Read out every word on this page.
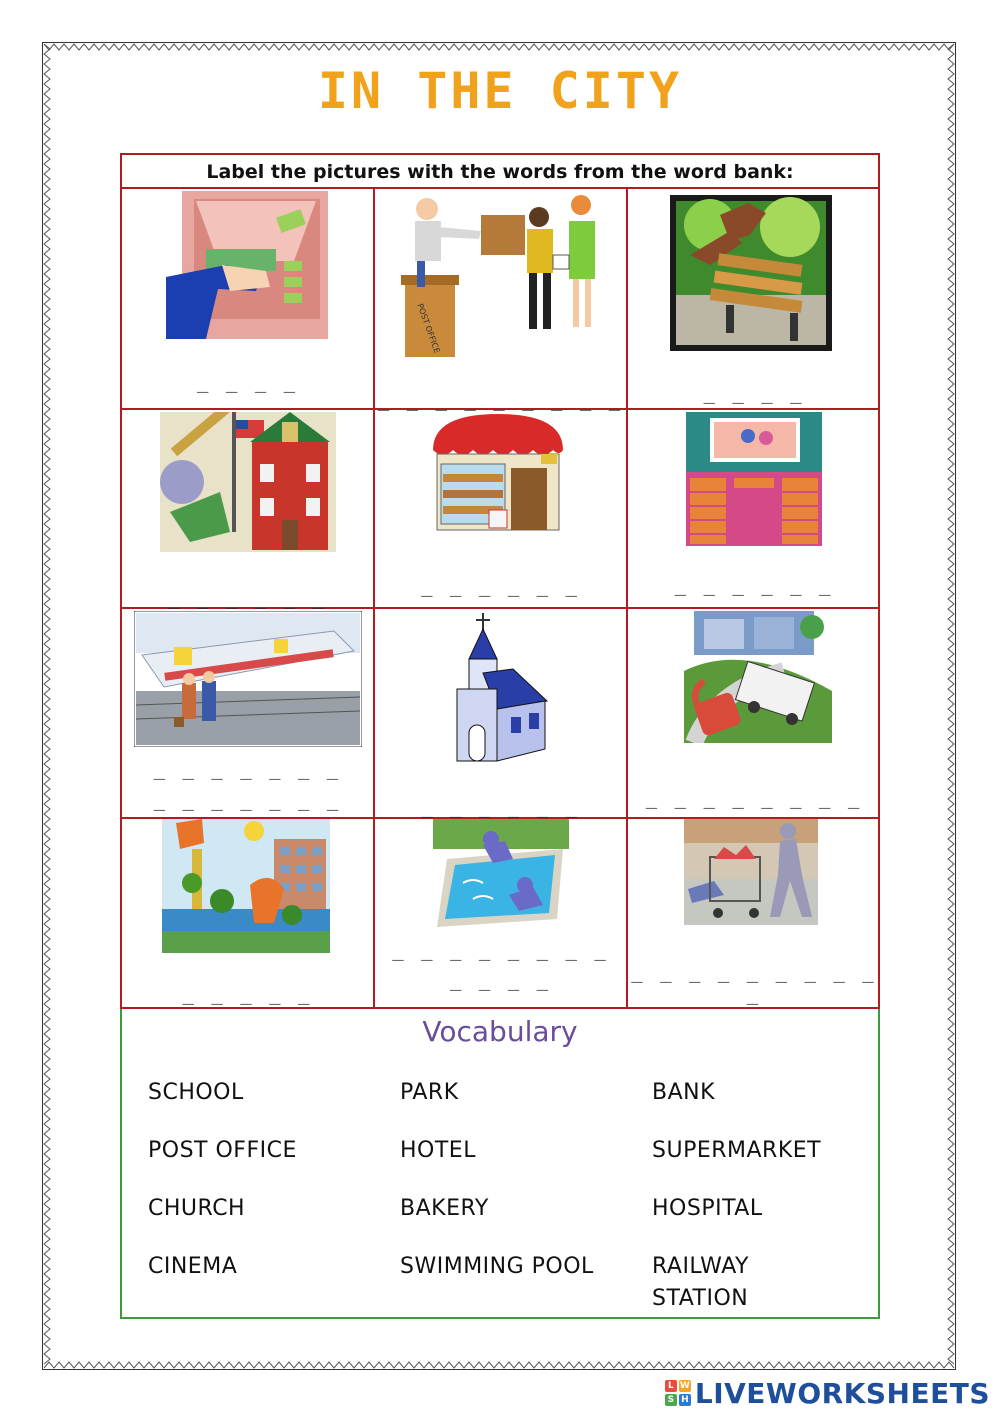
IN THE CITY
Label the pictures with the words from the word bank:
_ _ _ _
POST OFFICE
_ _ _ _ _ _ _ _ _	_ _ _ _
_ _ _ _ _ _
_ _ _ _ _ _	_ _ _ _ _ _
_ _ _ _ _ _ _
_ _ _ _ _ _ _	_ _ _ _ _ _	_ _ _ _ _ _ _ _
_ _ _ _ _
_ _ _ _ _ _ _ _
_ _ _ _	_ _ _ _ _ _ _ _ _ _
Vocabulary
SCHOOL	PARK	BANK
POST OFFICE	HOTEL	SUPERMARKET
CHURCH	BAKERY	HOSPITAL
CINEMA	SWIMMING POOL	RAILWAY
STATION
L W
S H LIVEWORKSHEETS
